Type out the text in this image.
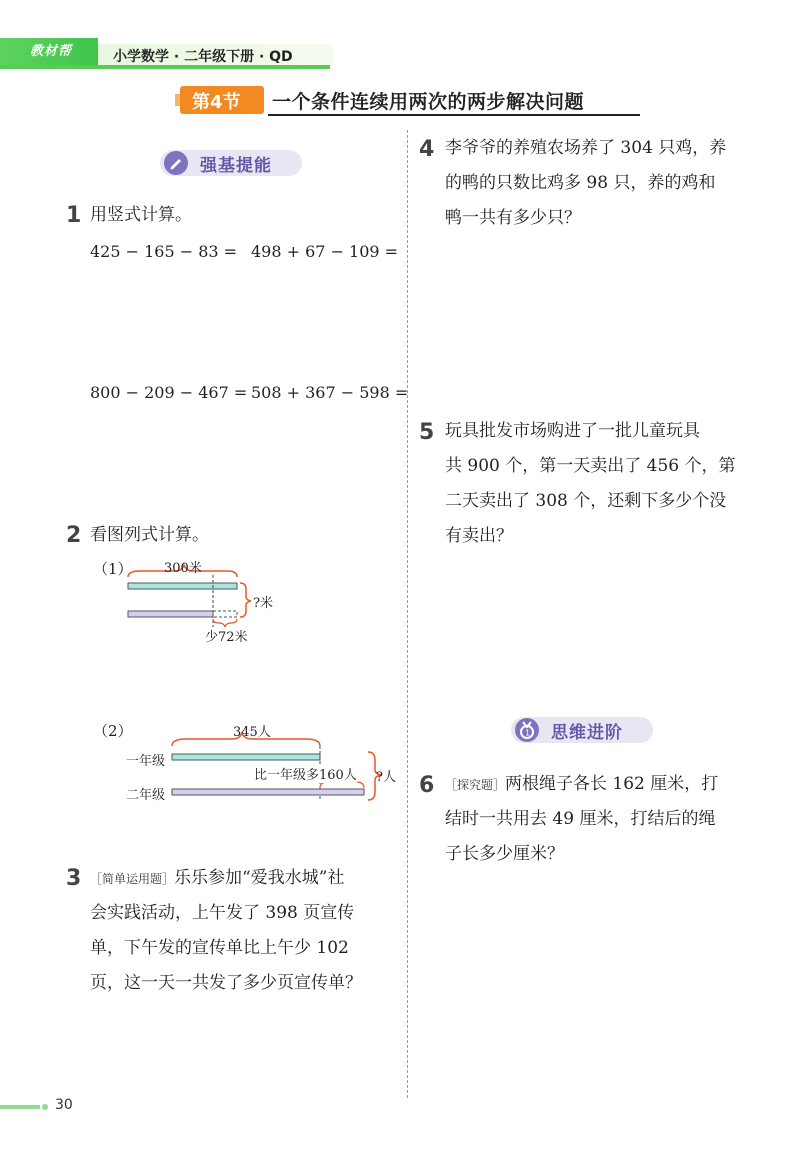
教材帮	小学数学 · 二年级下册 · QD
第4节 一个条件连续用两次的两步解决问题
强基提能
1 用竖式计算。
425 − 165 − 83 = 498 + 67 − 109 =
800 − 209 − 467 = 508 + 367 − 598 =
2 看图列式计算。
（1） 300米
?米
少72米
（2）	345人
一年级
二年级
比一年级多160人 ?人
3 ［简单运用题］乐乐参加“爱我水城”社
会实践活动，上午发了 398 页宣传
单，下午发的宣传单比上午少 102
页，这一天一共发了多少页宣传单？
4 李爷爷的养殖农场养了 304 只鸡，养
的鸭的只数比鸡多 98 只，养的鸡和
鸭一共有多少只？
5 玩具批发市场购进了一批儿童玩具
共 900 个，第一天卖出了 456 个，第
二天卖出了 308 个，还剩下多少个没
有卖出？
1 思维进阶
6 ［探究题］两根绳子各长 162 厘米，打
结时一共用去 49 厘米，打结后的绳
子长多少厘米？
30
